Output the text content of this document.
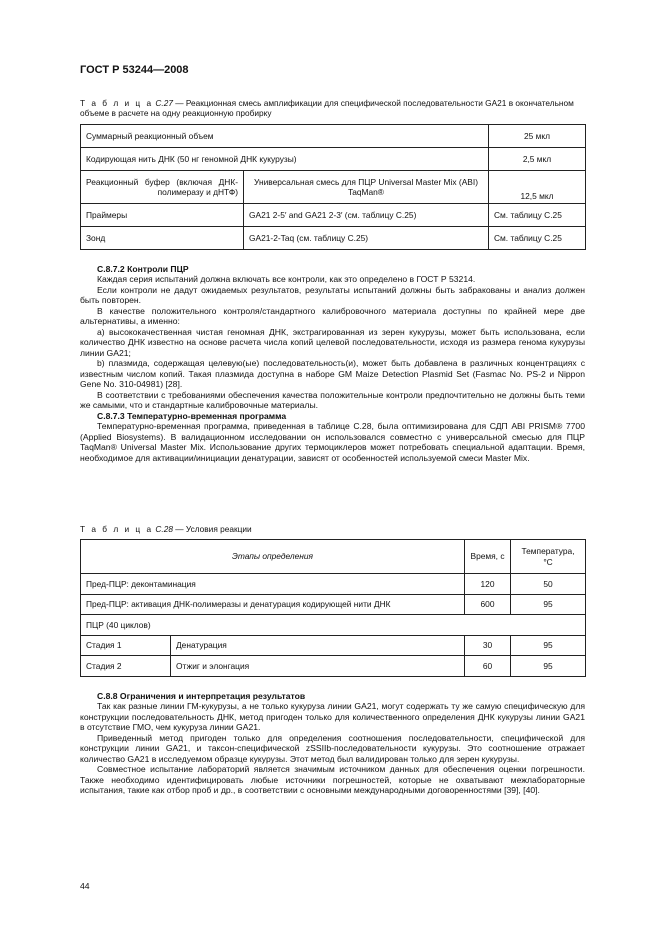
ГОСТ Р 53244—2008
Т а б л и ц а С.27 — Реакционная смесь амплификации для специфической последовательности GA21 в окончательном объеме в расчете на одну реакционную пробирку
Суммарный реакционный объем		25 мкл
Кодирующая нить ДНК (50 нг геномной ДНК кукурузы)		2,5 мкл
Реакционный буфер (включая ДНК-полимеразу и дНТФ)	Универсальная смесь для ПЦР Universal Master Mix (ABI) TaqMan®	12,5 мкл
Праймеры	GA21 2-5′ and GA21 2-3′ (см. таблицу С.25)	См. таблицу С.25
Зонд	GA21-2-Taq (см. таблицу С.25)	См. таблицу С.25

С.8.7.2 Контроли ПЦР

Каждая серия испытаний должна включать все контроли, как это определено в ГОСТ Р 53214.

Если контроли не дадут ожидаемых результатов, результаты испытаний должны быть забракованы и анализ должен быть повторен.

В качестве положительного контроля/стандартного калибровочного материала доступны по крайней мере две альтернативы, а именно:

а) высококачественная чистая геномная ДНК, экстрагированная из зерен кукурузы, может быть использована, если количество ДНК известно на основе расчета числа копий целевой последовательности, исходя из размера генома кукурузы линии GA21;

b) плазмида, содержащая целевую(ые) последовательность(и), может быть добавлена в различных концентрациях с известным числом копий. Такая плазмида доступна в наборе GM Maize Detection Plasmid Set (Fasmac No. PS-2 и Nippon Gene No. 310-04981) [28].

В соответствии с требованиями обеспечения качества положительные контроли предпочтительно не должны быть теми же самыми, что и стандартные калибровочные материалы.

С.8.7.3 Температурно-временная программа

Температурно-временная программа, приведенная в таблице С.28, была оптимизирована для СДП ABI PRISM® 7700 (Applied Biosystems). В валидационном исследовании он использовался совместно с универсальной смесью для ПЦР TaqMan® Universal Master Mix. Использование других термоциклеров может потребовать специальной адаптации. Время, необходимое для активации/инициации денатурации, зависят от особенностей используемой смеси Master Mix.

Т а б л и ц а С.28 — Условия реакции
Этапы определения		Время, с	Температура, °С
Пред-ПЦР: деконтаминация		120	50
Пред-ПЦР: активация ДНК-полимеразы и денатурация кодирующей нити ДНК		600	95
ПЦР (40 циклов)			
Стадия 1	Денатурация	30	95
Стадия 2	Отжиг и элонгация	60	95

С.8.8 Ограничения и интерпретация результатов

Так как разные линии ГМ-кукурузы, а не только кукуруза линии GA21, могут содержать ту же самую специфическую для конструкции последовательность ДНК, метод пригоден только для количественного определения ДНК кукурузы линии GA21 в отсутствие ГМО, чем кукуруза линии GA21.

Приведенный метод пригоден только для определения соотношения последовательности, специфической для конструкции линии GA21, и таксон-специфической zSSIIb-последовательности кукурузы. Это соотношение отражает количество GA21 в исследуемом образце кукурузы. Этот метод был валидирован только для зерен кукурузы.

Совместное испытание лабораторий является значимым источником данных для обеспечения оценки погрешности. Также необходимо идентифицировать любые источники погрешностей, которые не охватывают межлабораторные испытания, такие как отбор проб и др., в соответствии с основными международными договоренностями [39], [40].

44
